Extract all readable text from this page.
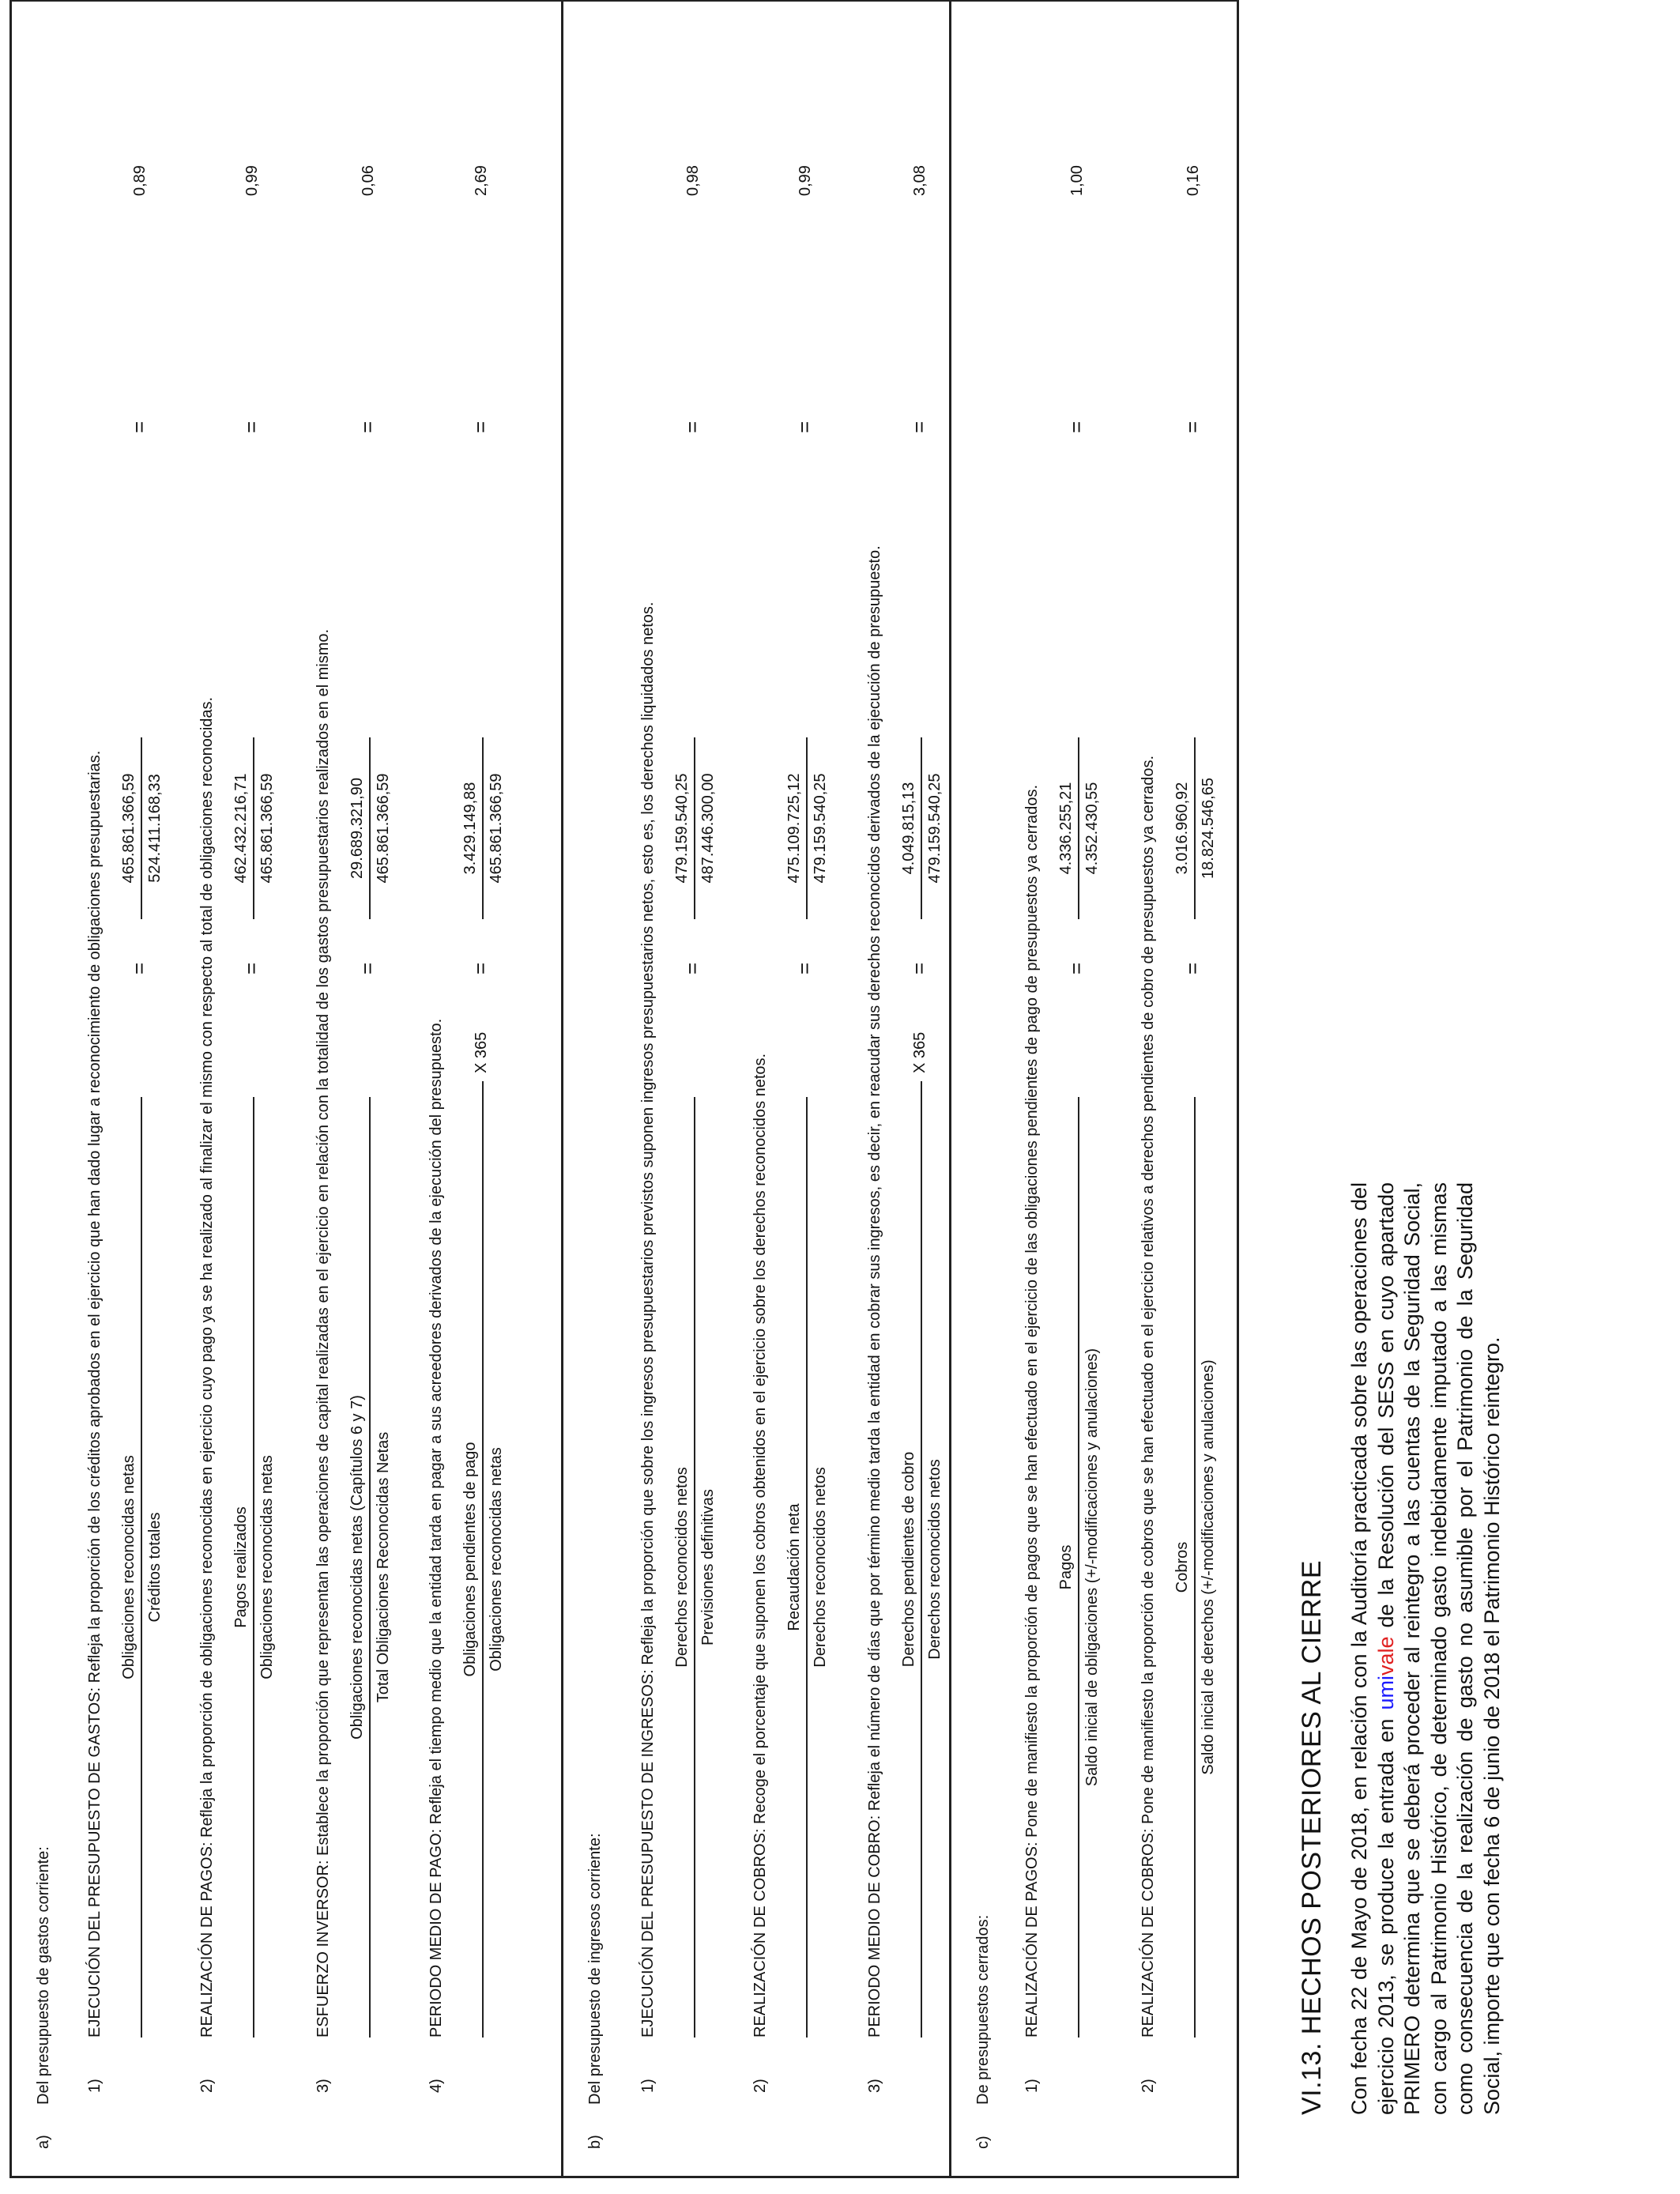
a)
Del presupuesto de gastos corriente: 1)
EJECUCIÓN DEL PRESUPUESTO DE GASTOS: Refleja la proporción de los créditos aprobados en el ejercicio que han dado lugar a reconocimiento de obligaciones presupuestarias. Obligaciones reconocidas netas Créditos totales
=
465.861.366,59 524.411.168,33
=
0,89
2)
REALIZACIÓN DE PAGOS: Refleja la proporción de obligaciones reconocidas en ejercicio cuyo pago ya se ha realizado al finalizar el mismo con respecto al total de obligaciones reconocidas. Pagos realizados Obligaciones reconocidas netas
=
462.432.216,71 465.861.366,59
=
0,99
3)
ESFUERZO INVERSOR: Establece la proporción que representan las operaciones de capital realizadas en el ejercicio en relación con la totalidad de los gastos presupuestarios realizados en el mismo. Obligaciones reconocidas netas (Capítulos 6 y 7) Total Obligaciones Reconocidas Netas
=
29.689.321,90 465.861.366,59
=
0,06
4)
PERIODO MEDIO DE PAGO: Refleja el tiempo medio que la entidad tarda en pagar a sus acreedores derivados de la ejecución del presupuesto. Obligaciones pendientes de pago Obligaciones reconocidas netas
X 365
=
3.429.149,88 465.861.366,59
=
2,69
b)
Del presupuesto de ingresos corriente: 1)
EJECUCIÓN DEL PRESUPUESTO DE INGRESOS: Refleja la proporción que sobre los ingresos presupuestarios previstos suponen ingresos presupuestarios netos, esto es, los derechos liquidados netos. Derechos reconocidos netos Previsiones definitivas
=
479.159.540,25 487.446.300,00
=
0,98
2)
REALIZACIÓN DE COBROS: Recoge el porcentaje que suponen los cobros obtenidos en el ejercicio sobre los derechos reconocidos netos. Recaudación neta Derechos reconocidos netos
=
475.109.725,12 479.159.540,25
=
0,99
3)
PERIODO MEDIO DE COBRO: Refleja el número de días que por término medio tarda la entidad en cobrar sus ingresos, es decir, en reacudar sus derechos reconocidos derivados de la ejecución de presupuesto. Derechos pendientes de cobro Derechos reconocidos netos
X 365
=
4.049.815,13 479.159.540,25
=
3,08
c)
De presupuestos cerrados: 1)
REALIZACIÓN DE PAGOS: Pone de manifiesto la proporción de pagos que se han efectuado en el ejercicio de las obligaciones pendientes de pago de presupuestos ya cerrados. Pagos Saldo inicial de obligaciones (+/-modificaciones y anulaciones)
=
4.336.255,21 4.352.430,55
=
1,00
2)
REALIZACIÓN DE COBROS: Pone de manifiesto la proporción de cobros que se han efectuado en el ejercicio relativos a derechos pendientes de cobro de presupuestos ya cerrados. Cobros Saldo inicial de derechos (+/-modificaciones y anulaciones)
=
3.016.960,92 18.824.546,65
=
0,16
VI.13. HECHOS POSTERIORES AL CIERRE Con fecha 22 de Mayo de 2018, en relación con la Auditoría practicada sobre las operaciones del ejercicio 2013, se produce la entrada en umivale de la Resolución del SESS en cuyo apartado PRIMERO determina que se deberá proceder al reintegro a las cuentas de la Seguridad Social, con cargo al Patrimonio Histórico, de determinado gasto indebidamente imputado a las mismas como consecuencia de la realización de gasto no asumible por el Patrimonio de la Seguridad Social, importe que con fecha 6 de junio de 2018 el Patrimonio Histórico reintegro.
